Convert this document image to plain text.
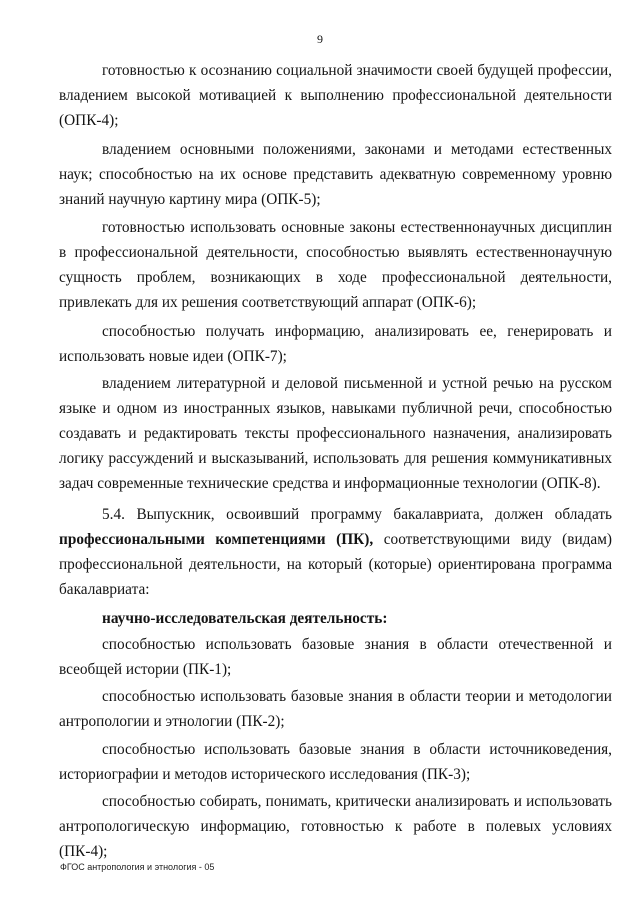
9

готовностью к осознанию социальной значимости своей будущей профессии, владением высокой мотивацией к выполнению профессиональной деятельности (ОПК-4);

владением основными положениями, законами и методами естественных наук; способностью на их основе представить адекватную современному уровню знаний научную картину мира (ОПК-5);

готовностью использовать основные законы естественнонаучных дисциплин в профессиональной деятельности, способностью выявлять естественнонаучную сущность проблем, возникающих в ходе профессиональной деятельности, привлекать для их решения соответствующий аппарат (ОПК-6);

способностью получать информацию, анализировать ее, генерировать и использовать новые идеи (ОПК-7);

владением литературной и деловой письменной и устной речью на русском языке и одном из иностранных языков, навыками публичной речи, способностью создавать и редактировать тексты профессионального назначения, анализировать логику рассуждений и высказываний, использовать для решения коммуникативных задач современные технические средства и информационные технологии (ОПК-8).

5.4. Выпускник, освоивший программу бакалавриата, должен обладать профессиональными компетенциями (ПК), соответствующими виду (видам) профессиональной деятельности, на который (которые) ориентирована программа бакалавриата:

научно-исследовательская деятельность:

способностью использовать базовые знания в области отечественной и всеобщей истории (ПК-1);

способностью использовать базовые знания в области теории и методологии антропологии и этнологии (ПК-2);

способностью использовать базовые знания в области источниковедения, историографии и методов исторического исследования (ПК-3);

способностью собирать, понимать, критически анализировать и использовать антропологическую информацию, готовностью к работе в полевых условиях (ПК-4);

ФГОС антропология и этнология - 05
